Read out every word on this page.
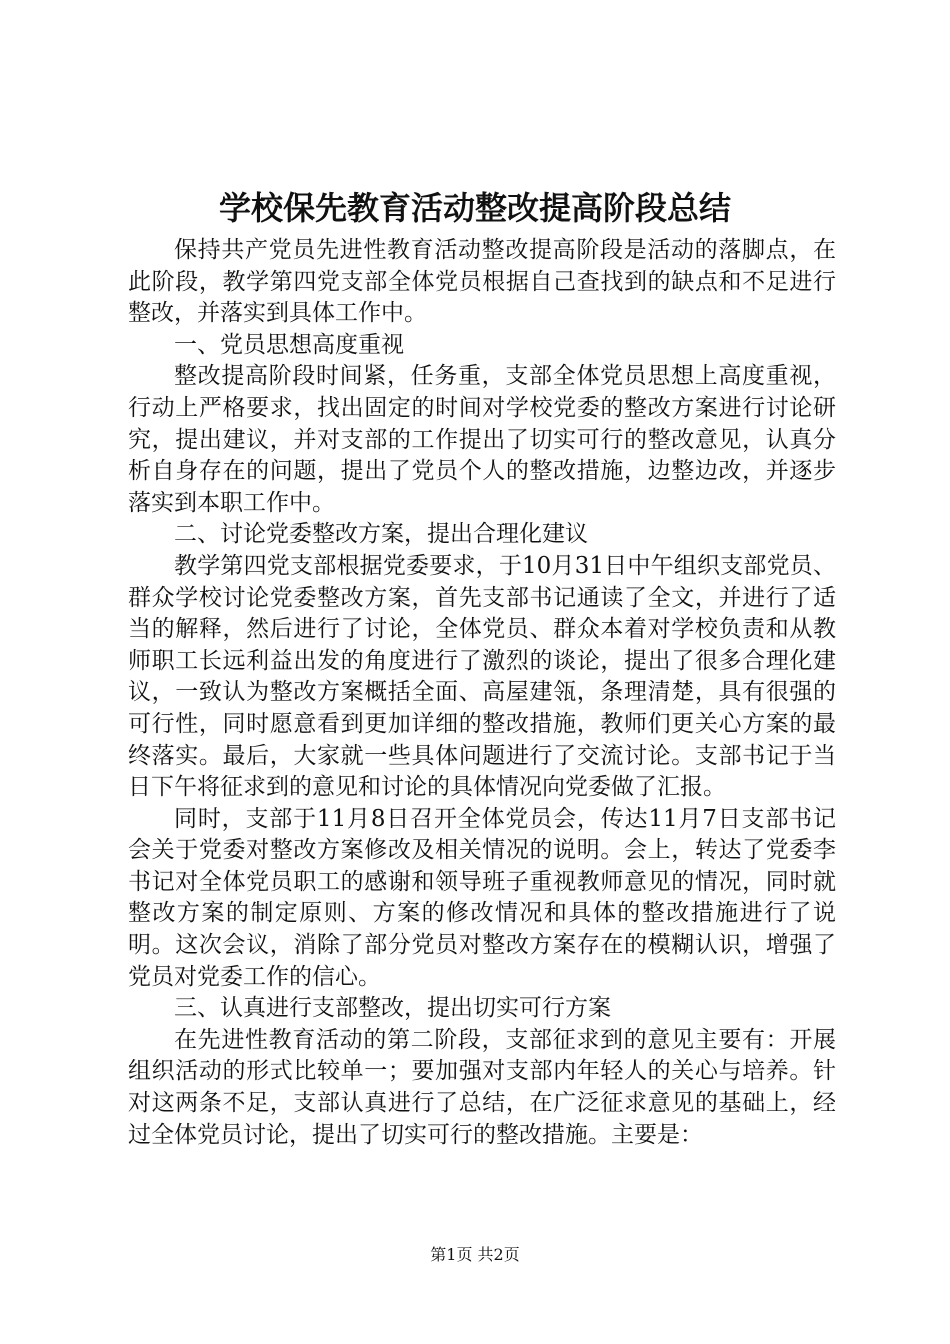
学校保先教育活动整改提高阶段总结

保持共产党员先进性教育活动整改提高阶段是活动的落脚点，在此阶段，教学第四党支部全体党员根据自己查找到的缺点和不足进行整改，并落实到具体工作中。

一、党员思想高度重视

整改提高阶段时间紧，任务重，支部全体党员思想上高度重视，行动上严格要求，找出固定的时间对学校党委的整改方案进行讨论研究，提出建议，并对支部的工作提出了切实可行的整改意见，认真分析自身存在的问题，提出了党员个人的整改措施，边整边改，并逐步落实到本职工作中。

二、讨论党委整改方案，提出合理化建议

教学第四党支部根据党委要求，于10月31日中午组织支部党员、群众学校讨论党委整改方案，首先支部书记通读了全文，并进行了适当的解释，然后进行了讨论，全体党员、群众本着对学校负责和从教师职工长远利益出发的角度进行了激烈的谈论，提出了很多合理化建议，一致认为整改方案概括全面、高屋建瓴，条理清楚，具有很强的可行性，同时愿意看到更加详细的整改措施，教师们更关心方案的最终落实。最后，大家就一些具体问题进行了交流讨论。支部书记于当日下午将征求到的意见和讨论的具体情况向党委做了汇报。

同时，支部于11月8日召开全体党员会，传达11月7日支部书记会关于党委对整改方案修改及相关情况的说明。会上，转达了党委李书记对全体党员职工的感谢和领导班子重视教师意见的情况，同时就整改方案的制定原则、方案的修改情况和具体的整改措施进行了说明。这次会议，消除了部分党员对整改方案存在的模糊认识，增强了党员对党委工作的信心。

三、认真进行支部整改，提出切实可行方案

在先进性教育活动的第二阶段，支部征求到的意见主要有：开展组织活动的形式比较单一；要加强对支部内年轻人的关心与培养。针对这两条不足，支部认真进行了总结，在广泛征求意见的基础上，经过全体党员讨论，提出了切实可行的整改措施。主要是：

第1页 共2页
